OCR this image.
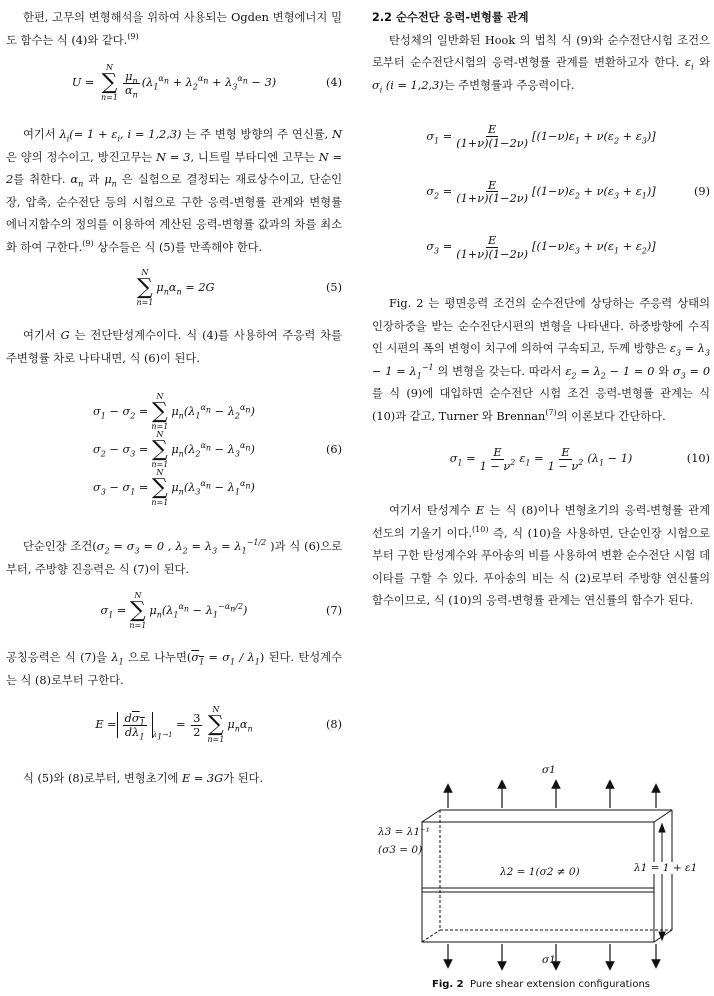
한편, 고무의 변형해석을 위하여 사용되는 Ogden 변형에너지 밀도 함수는 식 (4)와 같다.$^{(9)}$

U =
N
∑
n=1
$\frac{\mu_n}{\alpha_n} (\lambda_1^{\alpha_n} + \lambda_2^{\alpha_n} + \lambda_3^{\alpha_n} - 3)$	(4)

여기서 $\lambda_i(= 1 + \varepsilon_i$, i = 1,2,3) 는 주 변형 방향의 주 연신률, N 은 양의 정수이고, 방진고무는 N = 3, 니트릴 부타디엔 고무는 N = 2를 취한다. $\alpha_n$ 과 $\mu_n$ 은 실험으로 결정되는 재료상수이고, 단순인장, 압축, 순수전단 등의 시험으로 구한 응력-변형률 관계와 변형률 에너지함수의 정의를 이용하여 계산된 응력-변형률 값과의 차를 최소화 하여 구한다.$^{(9)}$ 상수들은 식 (5)를 만족해야 한다.

N
∑
n=1
$\mu_n\alpha_n = 2G$	(5)

여기서 G 는 전단탄성계수이다. 식 (4)를 사용하여 주응력 차를 주변형률 차로 나타내면, 식 (6)이 된다.

$\sigma_1 - \sigma_2$ =
N
∑
n=1
$\mu_n(\lambda_1^{\alpha_n} - \lambda_2^{\alpha_n})$
$\sigma_2 - \sigma_3$ =
N
∑
n=1
$\mu_n(\lambda_2^{\alpha_n} - \lambda_3^{\alpha_n})$
$\sigma_3 - \sigma_1$ =
N
∑
n=1
$\mu_n(\lambda_3^{\alpha_n} - \lambda_1^{\alpha_n})$
(6)

단순인장 조건($\sigma_2 = \sigma_3 = 0$ , $\lambda_2 = \lambda_3 = \lambda_1^{-1/2}$ )과 식 (6)으로부터, 주방향 진응력은 식 (7)이 된다.

$\sigma_1$ =
N
∑
n=1
$\mu_n(\lambda_1^{\alpha_n} - \lambda_1^{-\alpha_n/2})$	(7)

공칭응력은 식 (7)을 $\lambda_1$ 으로 나누면$(\sigma_1 = \sigma_1 / \lambda_1)$ 된다. 탄성계수는 식 (8)로부터 구한다.

$E = \frac{d\sigma_1}{d\lambda_1} \lambda_1\to 1$
= $\frac{3}{2}$
N
∑
n=1
$\mu_n\alpha_n$	(8)

식 (5)와 (8)로부터, 변형초기에 E = 3G가 된다.

2.2 순수전단 응력-변형률 관계

탄성체의 일반화된 Hook 의 법칙 식 (9)와 순수전단시험 조건으로부터 순수전단시험의 응력-변형률 관계를 변환하고자 한다. $\varepsilon_i$ 와 $\sigma_i$ (i = 1,2,3)는 주변형률과 주응력이다.

$\sigma_1 = \frac{E}{(1+\nu)(1-2\nu)} [(1-\nu)\varepsilon_1 + \nu(\varepsilon_2 + \varepsilon_3)]$
$\sigma_2 = \frac{E}{(1+\nu)(1-2\nu)} [(1-\nu)\varepsilon_2 + \nu(\varepsilon_3 + \varepsilon_1)]$
$\sigma_3 = \frac{E}{(1+\nu)(1-2\nu)} [(1-\nu)\varepsilon_3 + \nu(\varepsilon_1 + \varepsilon_2)]$
(9)

Fig. 2 는 평면응력 조건의 순수전단에 상당하는 주응력 상태의 인장하중을 받는 순수전단시편의 변형을 나타낸다. 하중방향에 수직인 시편의 폭의 변형이 치구에 의하여 구속되고, 두께 방향은 $\varepsilon_3 = \lambda_3 - 1 = \lambda_1^{-1}$ 의 변형을 갖는다. 따라서 $\varepsilon_2 = \lambda_2 - 1 = 0$ 와 $\sigma_3 = 0$ 를 식 (9)에 대입하면 순수전단 시험 조건 응력-변형률 관계는 식 (10)과 같고, Turner 와 Brennan$^{(7)}$의 이론보다 간단하다.

$\sigma_1 = \frac{E}{1 - \nu^2} \varepsilon_1 = \frac{E}{1 - \nu^2} (\lambda_1 - 1)$	(10)

여기서 탄성계수 E 는 식 (8)이나 변형초기의 응력-변형률 관계 선도의 기울기 이다.$^{(10)}$ 즉, 식 (10)을 사용하면, 단순인장 시험으로부터 구한 탄성계수와 푸아송의 비를 사용하여 변환 순수전단 시험 데이타를 구할 수 있다. 푸아송의 비는 식 (2)로부터 주방향 연신률의 함수이므로, 식 (10)의 응력-변형률 관계는 연신률의 함수가 된다.

σ1
σ1
λ3 = λ1⁻¹
(σ3 = 0)
λ2 = 1(σ2 ≠ 0)	λ1 = 1 + ε1
Fig. 2 Pure shear extension configurations
